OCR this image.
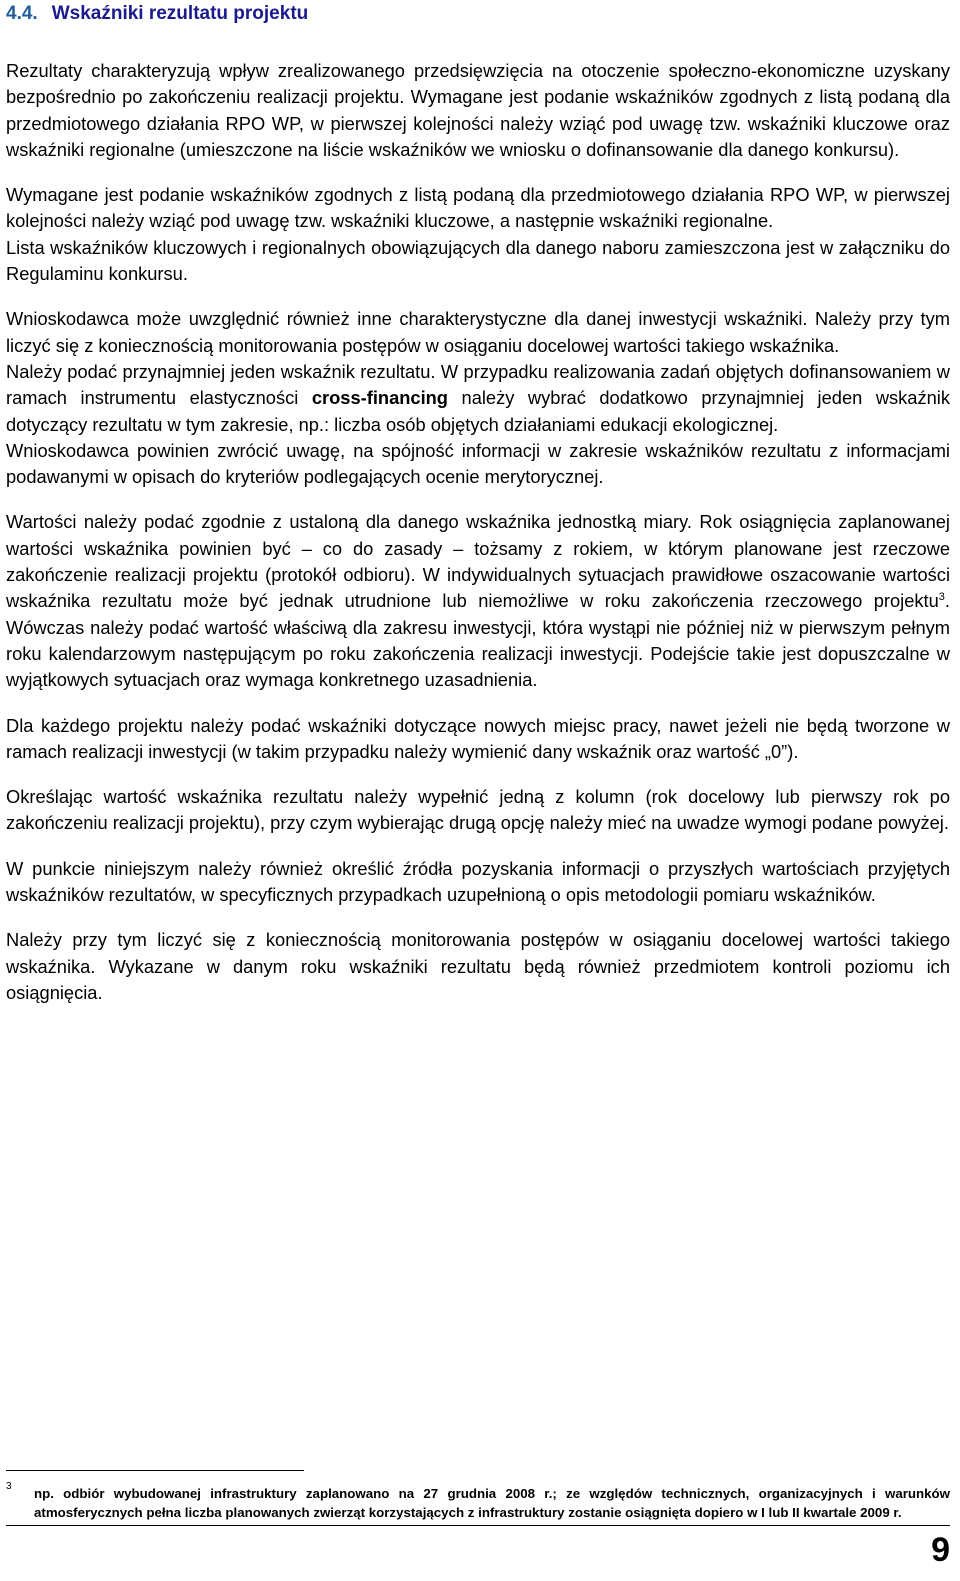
4.4. Wskaźniki rezultatu projektu

Rezultaty charakteryzują wpływ zrealizowanego przedsięwzięcia na otoczenie społeczno-ekonomiczne uzyskany bezpośrednio po zakończeniu realizacji projektu. Wymagane jest podanie wskaźników zgodnych z listą podaną dla przedmiotowego działania RPO WP, w pierwszej kolejności należy wziąć pod uwagę tzw. wskaźniki kluczowe oraz wskaźniki regionalne (umieszczone na liście wskaźników we wniosku o dofinansowanie dla danego konkursu).

Wymagane jest podanie wskaźników zgodnych z listą podaną dla przedmiotowego działania RPO WP, w pierwszej kolejności należy wziąć pod uwagę tzw. wskaźniki kluczowe, a następnie wskaźniki regionalne.

Lista wskaźników kluczowych i regionalnych obowiązujących dla danego naboru zamieszczona jest w załączniku do Regulaminu konkursu.

Wnioskodawca może uwzględnić również inne charakterystyczne dla danej inwestycji wskaźniki. Należy przy tym liczyć się z koniecznością monitorowania postępów w osiąganiu docelowej wartości takiego wskaźnika.

Należy podać przynajmniej jeden wskaźnik rezultatu. W przypadku realizowania zadań objętych dofinansowaniem w ramach instrumentu elastyczności cross-financing należy wybrać dodatkowo przynajmniej jeden wskaźnik dotyczący rezultatu w tym zakresie, np.: liczba osób objętych działaniami edukacji ekologicznej.

Wnioskodawca powinien zwrócić uwagę, na spójność informacji w zakresie wskaźników rezultatu z informacjami podawanymi w opisach do kryteriów podlegających ocenie merytorycznej.

Wartości należy podać zgodnie z ustaloną dla danego wskaźnika jednostką miary. Rok osiągnięcia zaplanowanej wartości wskaźnika powinien być – co do zasady – tożsamy z rokiem, w którym planowane jest rzeczowe zakończenie realizacji projektu (protokół odbioru). W indywidualnych sytuacjach prawidłowe oszacowanie wartości wskaźnika rezultatu może być jednak utrudnione lub niemożliwe w roku zakończenia rzeczowego projektu$^3$. Wówczas należy podać wartość właściwą dla zakresu inwestycji, która wystąpi nie później niż w pierwszym pełnym roku kalendarzowym następującym po roku zakończenia realizacji inwestycji. Podejście takie jest dopuszczalne w wyjątkowych sytuacjach oraz wymaga konkretnego uzasadnienia.

Dla każdego projektu należy podać wskaźniki dotyczące nowych miejsc pracy, nawet jeżeli nie będą tworzone w ramach realizacji inwestycji (w takim przypadku należy wymienić dany wskaźnik oraz wartość „0”).

Określając wartość wskaźnika rezultatu należy wypełnić jedną z kolumn (rok docelowy lub pierwszy rok po zakończeniu realizacji projektu), przy czym wybierając drugą opcję należy mieć na uwadze wymogi podane powyżej.

W punkcie niniejszym należy również określić źródła pozyskania informacji o przyszłych wartościach przyjętych wskaźników rezultatów, w specyficznych przypadkach uzupełnioną o opis metodologii pomiaru wskaźników.

Należy przy tym liczyć się z koniecznością monitorowania postępów w osiąganiu docelowej wartości takiego wskaźnika. Wykazane w danym roku wskaźniki rezultatu będą również przedmiotem kontroli poziomu ich osiągnięcia.

3 np. odbiór wybudowanej infrastruktury zaplanowano na 27 grudnia 2008 r.; ze względów technicznych, organizacyjnych i warunków atmosferycznych pełna liczba planowanych zwierząt korzystających z infrastruktury zostanie osiągnięta dopiero w I lub II kwartale 2009 r.
9
